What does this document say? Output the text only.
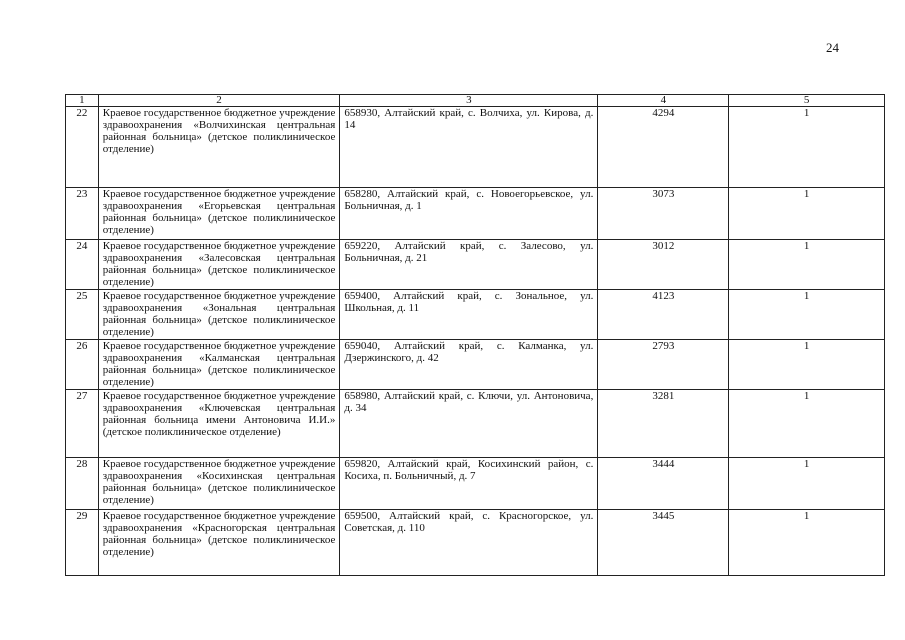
24
1	2	3	4	5
22	Краевое государственное бюджетное учреждение здравоохранения «Волчихинская центральная районная больница» (детское поликлиническое отделение)	658930, Алтайский край, с. Волчиха, ул. Кирова, д. 14	4294	1
23	Краевое государственное бюджетное учреждение здравоохранения «Егорьевская центральная районная больница» (детское поликлиническое отделение)	658280, Алтайский край, с. Новоегорьевское, ул. Больничная, д. 1	3073	1
24	Краевое государственное бюджетное учреждение здравоохранения «Залесовская центральная районная больница» (детское поликлиническое отделение)	659220, Алтайский край, с. Залесово, ул. Больничная, д. 21	3012	1
25	Краевое государственное бюджетное учреждение здравоохранения «Зональная центральная районная больница» (детское поликлиническое отделение)	659400, Алтайский край, с. Зональное, ул. Школьная, д. 11	4123	1
26	Краевое государственное бюджетное учреждение здравоохранения «Калманская центральная районная больница» (детское поликлиническое отделение)	659040, Алтайский край, с. Калманка, ул. Дзержинского, д. 42	2793	1
27	Краевое государственное бюджетное учреждение здравоохранения «Ключевская центральная районная больница имени Антоновича И.И.» (детское поликлиническое отделение)	658980, Алтайский край, с. Ключи, ул. Антоновича, д. 34	3281	1
28	Краевое государственное бюджетное учреждение здравоохранения «Косихинская центральная районная больница» (детское поликлиническое отделение)	659820, Алтайский край, Косихинский район, с. Косиха, п. Больничный, д. 7	3444	1
29	Краевое государственное бюджетное учреждение здравоохранения «Красногорская центральная районная больница» (детское поликлиническое отделение)	659500, Алтайский край, с. Красногорское, ул. Советская, д. 110	3445	1
